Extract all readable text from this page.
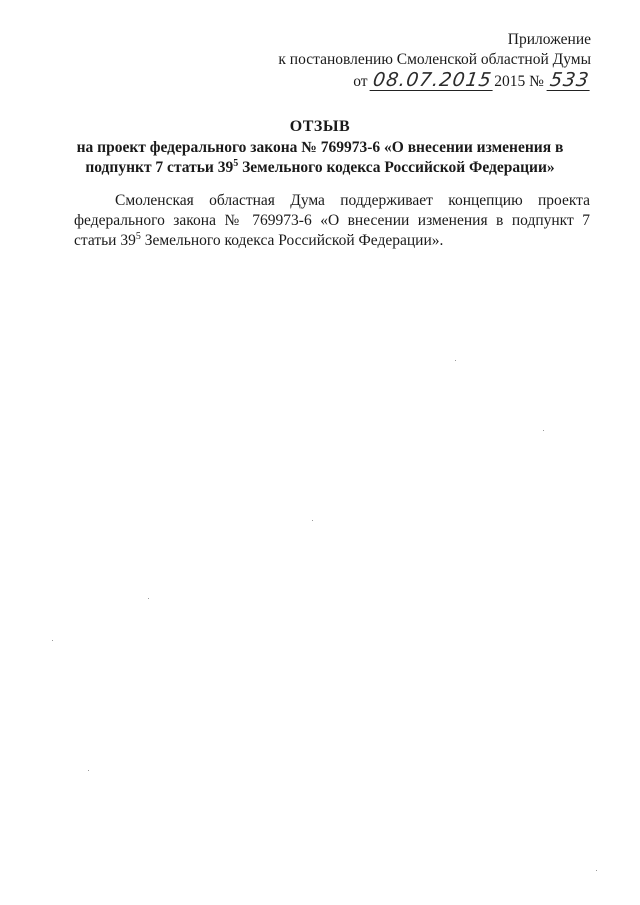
Приложение
к постановлению Смоленской областной Думы
от 08.07.20152015 № 533
ОТЗЫВ
на проект федерального закона № 769973-6 «О внесении изменения в
подпункт 7 статьи $39^5$ Земельного кодекса Российской Федерации»
Смоленская областная Дума поддерживает концепцию проекта
федерального закона № 769973-6 «О внесении изменения в подпункт 7
статьи $39^5$ Земельного кодекса Российской Федерации».
